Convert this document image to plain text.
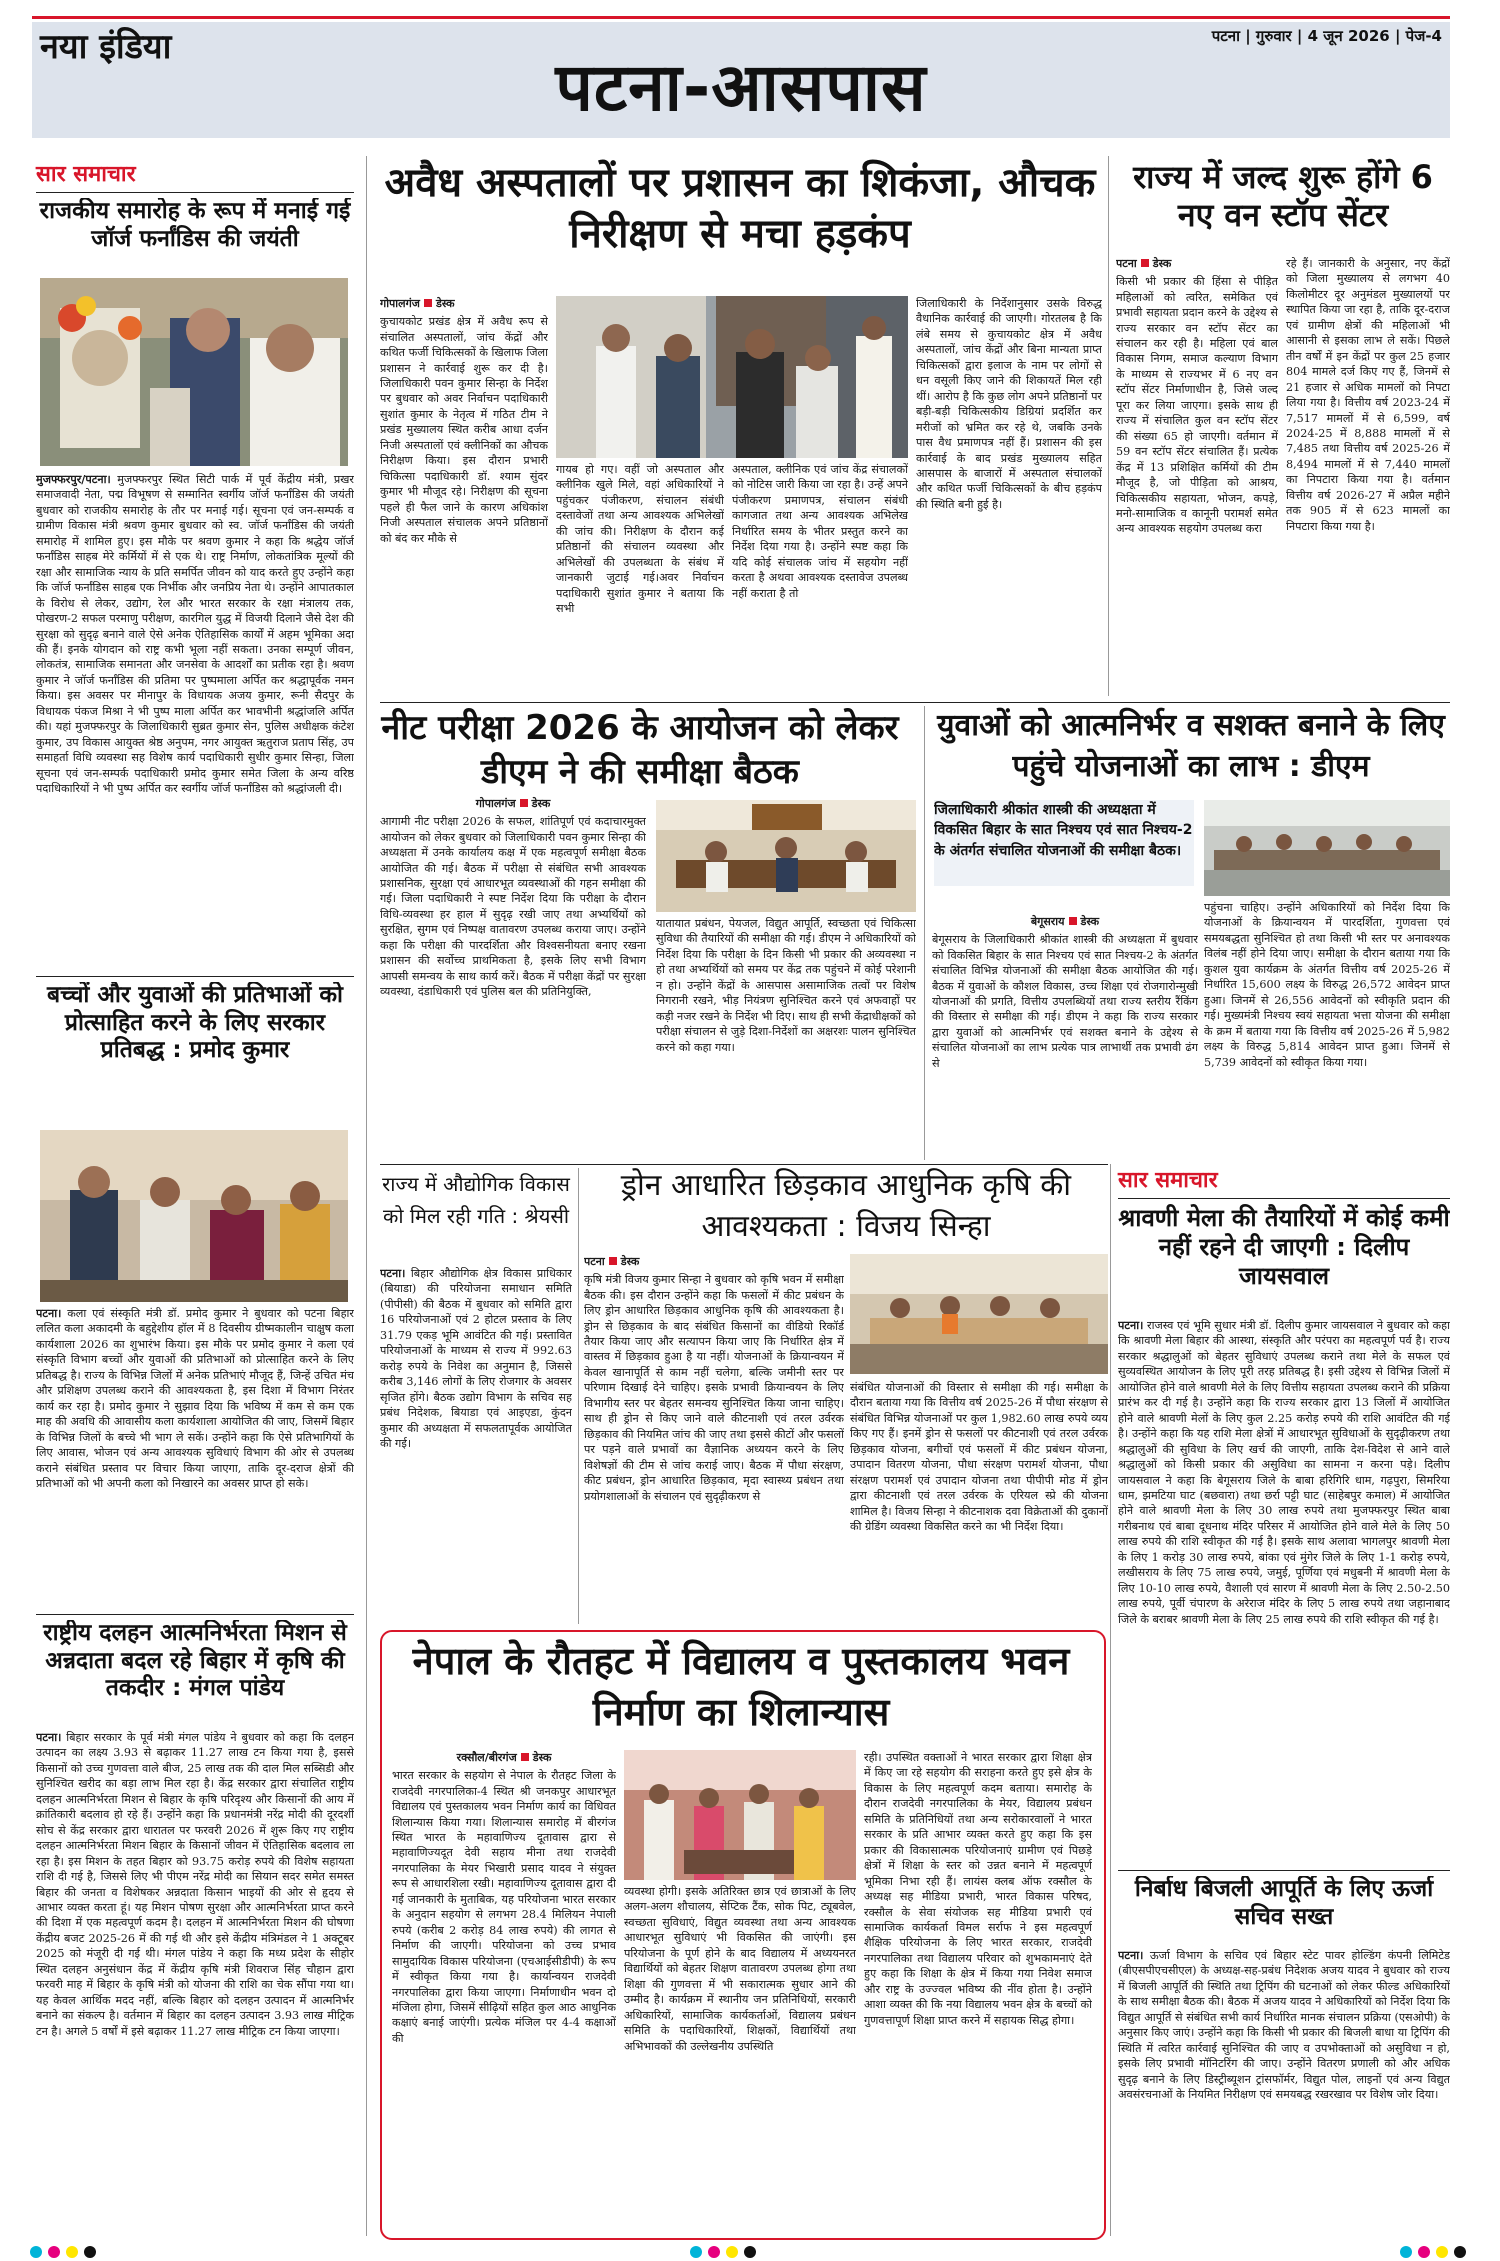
नया इंडिया	पटना | गुरुवार | 4 जून 2026 | पेज-4
पटना-आसपास
सार समाचार
राजकीय समारोह के रूप में मनाई गई जॉर्ज फर्नांडिस की जयंती
मुजफ्फरपुर/पटना। मुजफ्फरपुर स्थित सिटी पार्क में पूर्व केंद्रीय मंत्री, प्रखर समाजवादी नेता, पद्म विभूषण से सम्मानित स्वर्गीय जॉर्ज फर्नांडिस की जयंती बुधवार को राजकीय समारोह के तौर पर मनाई गई। सूचना एवं जन-सम्पर्क व ग्रामीण विकास मंत्री श्रवण कुमार बुधवार को स्व. जॉर्ज फर्नांडिस की जयंती समारोह में शामिल हुए। इस मौके पर श्रवण कुमार ने कहा कि श्रद्धेय जॉर्ज फर्नांडिस साहब मेरे कर्मियों में से एक थे। राष्ट्र निर्माण, लोकतांत्रिक मूल्यों की रक्षा और सामाजिक न्याय के प्रति समर्पित जीवन को याद करते हुए उन्होंने कहा कि जॉर्ज फर्नांडिस साहब एक निर्भीक और जनप्रिय नेता थे। उन्होंने आपातकाल के विरोध से लेकर, उद्योग, रेल और भारत सरकार के रक्षा मंत्रालय तक, पोखरण-2 सफल परमाणु परीक्षण, कारगिल युद्ध में विजयी दिलाने जैसे देश की सुरक्षा को सुदृढ़ बनाने वाले ऐसे अनेक ऐतिहासिक कार्यों में अहम भूमिका अदा की हैं। इनके योगदान को राष्ट्र कभी भूला नहीं सकता। उनका सम्पूर्ण जीवन, लोकतंत्र, सामाजिक समानता और जनसेवा के आदर्शों का प्रतीक रहा है। श्रवण कुमार ने जॉर्ज फर्नांडिस की प्रतिमा पर पुष्पमाला अर्पित कर श्रद्धापूर्वक नमन किया। इस अवसर पर मीनापुर के विधायक अजय कुमार, रूनी सैदपुर के विधायक पंकज मिश्रा ने भी पुष्प माला अर्पित कर भावभीनी श्रद्धांजलि अर्पित की। यहां मुजफ्फरपुर के जिलाधिकारी सुब्रत कुमार सेन, पुलिस अधीक्षक कंटेश कुमार, उप विकास आयुक्त श्रेष्ठ अनुपम, नगर आयुक्त ऋतुराज प्रताप सिंह, उप समाहर्ता विधि व्यवस्था सह विशेष कार्य पदाधिकारी सुधीर कुमार सिन्हा, जिला सूचना एवं जन-सम्पर्क पदाधिकारी प्रमोद कुमार समेत जिला के अन्य वरिष्ठ पदाधिकारियों ने भी पुष्प अर्पित कर स्वर्गीय जॉर्ज फर्नांडिस को श्रद्धांजली दी।
बच्चों और युवाओं की प्रतिभाओं को प्रोत्साहित करने के लिए सरकार प्रतिबद्ध : प्रमोद कुमार
पटना। कला एवं संस्कृति मंत्री डॉ. प्रमोद कुमार ने बुधवार को पटना बिहार ललित कला अकादमी के बहुद्देशीय हॉल में 8 दिवसीय ग्रीष्मकालीन चाक्षुष कला कार्यशाला 2026 का शुभारंभ किया। इस मौके पर प्रमोद कुमार ने कला एवं संस्कृति विभाग बच्चों और युवाओं की प्रतिभाओं को प्रोत्साहित करने के लिए प्रतिबद्ध है। राज्य के विभिन्न जिलों में अनेक प्रतिभाएं मौजूद हैं, जिन्हें उचित मंच और प्रशिक्षण उपलब्ध कराने की आवश्यकता है, इस दिशा में विभाग निरंतर कार्य कर रहा है। प्रमोद कुमार ने सुझाव दिया कि भविष्य में कम से कम एक माह की अवधि की आवासीय कला कार्यशाला आयोजित की जाए, जिसमें बिहार के विभिन्न जिलों के बच्चे भी भाग ले सकें। उन्होंने कहा कि ऐसे प्रतिभागियों के लिए आवास, भोजन एवं अन्य आवश्यक सुविधाएं विभाग की ओर से उपलब्ध कराने संबंधित प्रस्ताव पर विचार किया जाएगा, ताकि दूर-दराज क्षेत्रों की प्रतिभाओं को भी अपनी कला को निखारने का अवसर प्राप्त हो सके।
राष्ट्रीय दलहन आत्मनिर्भरता मिशन से अन्नदाता बदल रहे बिहार में कृषि की तकदीर : मंगल पांडेय
पटना। बिहार सरकार के पूर्व मंत्री मंगल पांडेय ने बुधवार को कहा कि दलहन उत्पादन का लक्ष्य 3.93 से बढ़ाकर 11.27 लाख टन किया गया है, इससे किसानों को उच्च गुणवत्ता वाले बीज, 25 लाख तक की दाल मिल सब्सिडी और सुनिश्चित खरीद का बड़ा लाभ मिल रहा है। केंद्र सरकार द्वारा संचालित राष्ट्रीय दलहन आत्मनिर्भरता मिशन से बिहार के कृषि परिदृश्य और किसानों की आय में क्रांतिकारी बदलाव हो रहे हैं। उन्होंने कहा कि प्रधानमंत्री नरेंद्र मोदी की दूरदर्शी सोच से केंद्र सरकार द्वारा धारातल पर फरवरी 2026 में शुरू किए गए राष्ट्रीय दलहन आत्मनिर्भरता मिशन बिहार के किसानों जीवन में ऐतिहासिक बदलाव ला रहा है। इस मिशन के तहत बिहार को 93.75 करोड़ रुपये की विशेष सहायता राशि दी गई है, जिससे लिए भी पीएम नरेंद्र मोदी का सियान सदर समेत समस्त बिहार की जनता व विशेषकर अन्नदाता किसान भाइयों की ओर से हृदय से आभार व्यक्त करता हूं। यह मिशन पोषण सुरक्षा और आत्मनिर्भरता प्राप्त करने की दिशा में एक महत्वपूर्ण कदम है। दलहन में आत्मनिर्भरता मिशन की घोषणा केंद्रीय बजट 2025-26 में की गई थी और इसे केंद्रीय मंत्रिमंडल ने 1 अक्टूबर 2025 को मंजूरी दी गई थी। मंगल पांडेय ने कहा कि मध्य प्रदेश के सीहोर स्थित दलहन अनुसंधान केंद्र में केंद्रीय कृषि मंत्री शिवराज सिंह चौहान द्वारा फरवरी माह में बिहार के कृषि मंत्री को योजना की राशि का चेक सौंपा गया था। यह केवल आर्थिक मदद नहीं, बल्कि बिहार को दलहन उत्पादन में आत्मनिर्भर बनाने का संकल्प है। वर्तमान में बिहार का दलहन उत्पादन 3.93 लाख मीट्रिक टन है। अगले 5 वर्षों में इसे बढ़ाकर 11.27 लाख मीट्रिक टन किया जाएगा।
अवैध अस्पतालों पर प्रशासन का शिकंजा, औचक निरीक्षण से मचा हड़कंप
गोपालगंज डेस्क
कुचायकोट प्रखंड क्षेत्र में अवैध रूप से संचालित अस्पतालों, जांच केंद्रों और कथित फर्जी चिकित्सकों के खिलाफ जिला प्रशासन ने कार्रवाई शुरू कर दी है। जिलाधिकारी पवन कुमार सिन्हा के निर्देश पर बुधवार को अवर निर्वाचन पदाधिकारी सुशांत कुमार के नेतृत्व में गठित टीम ने प्रखंड मुख्यालय स्थित करीब आधा दर्जन निजी अस्पतालों एवं क्लीनिकों का औचक निरीक्षण किया। इस दौरान प्रभारी चिकित्सा पदाधिकारी डॉ. श्याम सुंदर कुमार भी मौजूद रहे। निरीक्षण की सूचना पहले ही फैल जाने के कारण अधिकांश निजी अस्पताल संचालक अपने प्रतिष्ठानों को बंद कर मौके से
गायब हो गए। वहीं जो अस्पताल और क्लीनिक खुले मिले, वहां अधिकारियों ने पहुंचकर पंजीकरण, संचालन संबंधी दस्तावेजों तथा अन्य आवश्यक अभिलेखों की जांच की। निरीक्षण के दौरान कई प्रतिष्ठानों की संचालन व्यवस्था और अभिलेखों की उपलब्धता के संबंध में जानकारी जुटाई गई।अवर निर्वाचन पदाधिकारी सुशांत कुमार ने बताया कि सभी
अस्पताल, क्लीनिक एवं जांच केंद्र संचालकों को नोटिस जारी किया जा रहा है। उन्हें अपने पंजीकरण प्रमाणपत्र, संचालन संबंधी कागजात तथा अन्य आवश्यक अभिलेख निर्धारित समय के भीतर प्रस्तुत करने का निर्देश दिया गया है। उन्होंने स्पष्ट कहा कि यदि कोई संचालक जांच में सहयोग नहीं करता है अथवा आवश्यक दस्तावेज उपलब्ध नहीं कराता है तो
जिलाधिकारी के निर्देशानुसार उसके विरुद्ध वैधानिक कार्रवाई की जाएगी। गोरतलब है कि लंबे समय से कुचायकोट क्षेत्र में अवैध अस्पतालों, जांच केंद्रों और बिना मान्यता प्राप्त चिकित्सकों द्वारा इलाज के नाम पर लोगों से धन वसूली किए जाने की शिकायतें मिल रही थीं। आरोप है कि कुछ लोग अपने प्रतिष्ठानों पर बड़ी-बड़ी चिकित्सकीय डिग्रियां प्रदर्शित कर मरीजों को भ्रमित कर रहे थे, जबकि उनके पास वैध प्रमाणपत्र नहीं हैं। प्रशासन की इस कार्रवाई के बाद प्रखंड मुख्यालय सहित आसपास के बाजारों में अस्पताल संचालकों और कथित फर्जी चिकित्सकों के बीच हड़कंप की स्थिति बनी हुई है।
राज्य में जल्द शुरू होंगे 6 नए वन स्टॉप सेंटर
पटना डेस्क
किसी भी प्रकार की हिंसा से पीड़ित महिलाओं को त्वरित, समेकित एवं प्रभावी सहायता प्रदान करने के उद्देश्य से राज्य सरकार वन स्टॉप सेंटर का संचालन कर रही है। महिला एवं बाल विकास निगम, समाज कल्याण विभाग के माध्यम से राज्यभर में 6 नए वन स्टॉप सेंटर निर्माणाधीन है, जिसे जल्द पूरा कर लिया जाएगा। इसके साथ ही राज्य में संचालित कुल वन स्टॉप सेंटर की संख्या 65 हो जाएगी। वर्तमान में 59 वन स्टॉप सेंटर संचालित हैं। प्रत्येक केंद्र में 13 प्रशिक्षित कर्मियों की टीम मौजूद है, जो पीड़िता को आश्रय, चिकित्सकीय सहायता, भोजन, कपड़े, मनो-सामाजिक व कानूनी परामर्श समेत अन्य आवश्यक सहयोग उपलब्ध करा
रहे हैं। जानकारी के अनुसार, नए केंद्रों को जिला मुख्यालय से लगभग 40 किलोमीटर दूर अनुमंडल मुख्यालयों पर स्थापित किया जा रहा है, ताकि दूर-दराज एवं ग्रामीण क्षेत्रों की महिलाओं भी आसानी से इसका लाभ ले सकें। पिछले तीन वर्षों में इन केंद्रों पर कुल 25 हजार 804 मामले दर्ज किए गए हैं, जिनमें से 21 हजार से अधिक मामलों को निपटा लिया गया है। वित्तीय वर्ष 2023-24 में 7,517 मामलों में से 6,599, वर्ष 2024-25 में 8,888 मामलों में से 7,485 तथा वित्तीय वर्ष 2025-26 में 8,494 मामलों में से 7,440 मामलों का निपटारा किया गया है। वर्तमान वित्तीय वर्ष 2026-27 में अप्रैल महीने तक 905 में से 623 मामलों का निपटारा किया गया है।
नीट परीक्षा 2026 के आयोजन को लेकर डीएम ने की समीक्षा बैठक
गोपालगंज डेस्क
आगामी नीट परीक्षा 2026 के सफल, शांतिपूर्ण एवं कदाचारमुक्त आयोजन को लेकर बुधवार को जिलाधिकारी पवन कुमार सिन्हा की अध्यक्षता में उनके कार्यालय कक्ष में एक महत्वपूर्ण समीक्षा बैठक आयोजित की गई। बैठक में परीक्षा से संबंधित सभी आवश्यक प्रशासनिक, सुरक्षा एवं आधारभूत व्यवस्थाओं की गहन समीक्षा की गई। जिला पदाधिकारी ने स्पष्ट निर्देश दिया कि परीक्षा के दौरान विधि-व्यवस्था हर हाल में सुदृढ़ रखी जाए तथा अभ्यर्थियों को सुरक्षित, सुगम एवं निष्पक्ष वातावरण उपलब्ध कराया जाए। उन्होंने कहा कि परीक्षा की पारदर्शिता और विश्वसनीयता बनाए रखना प्रशासन की सर्वोच्च प्राथमिकता है, इसके लिए सभी विभाग आपसी समन्वय के साथ कार्य करें। बैठक में परीक्षा केंद्रों पर सुरक्षा व्यवस्था, दंडाधिकारी एवं पुलिस बल की प्रतिनियुक्ति,
यातायात प्रबंधन, पेयजल, विद्युत आपूर्ति, स्वच्छता एवं चिकित्सा सुविधा की तैयारियों की समीक्षा की गई। डीएम ने अधिकारियों को निर्देश दिया कि परीक्षा के दिन किसी भी प्रकार की अव्यवस्था न हो तथा अभ्यर्थियों को समय पर केंद्र तक पहुंचने में कोई परेशानी न हो। उन्होंने केंद्रों के आसपास असामाजिक तत्वों पर विशेष निगरानी रखने, भीड़ नियंत्रण सुनिश्चित करने एवं अफवाहों पर कड़ी नजर रखने के निर्देश भी दिए। साथ ही सभी केंद्राधीक्षकों को परीक्षा संचालन से जुड़े दिशा-निर्देशों का अक्षरशः पालन सुनिश्चित करने को कहा गया।
युवाओं को आत्मनिर्भर व सशक्त बनाने के लिए पहुंचे योजनाओं का लाभ : डीएम
जिलाधिकारी श्रीकांत शास्त्री की अध्यक्षता में विकसित बिहार के सात निश्चय एवं सात निश्चय-2 के अंतर्गत संचालित योजनाओं की समीक्षा बैठक।
बेगूसराय डेस्क
बेगूसराय के जिलाधिकारी श्रीकांत शास्त्री की अध्यक्षता में बुधवार को विकसित बिहार के सात निश्चय एवं सात निश्चय-2 के अंतर्गत संचालित विभिन्न योजनाओं की समीक्षा बैठक आयोजित की गई। बैठक में युवाओं के कौशल विकास, उच्च शिक्षा एवं रोजगारोन्मुखी योजनाओं की प्रगति, वित्तीय उपलब्धियों तथा राज्य स्तरीय रैंकिंग की विस्तार से समीक्षा की गई। डीएम ने कहा कि राज्य सरकार द्वारा युवाओं को आत्मनिर्भर एवं सशक्त बनाने के उद्देश्य से संचालित योजनाओं का लाभ प्रत्येक पात्र लाभार्थी तक प्रभावी ढंग से
पहुंचना चाहिए। उन्होंने अधिकारियों को निर्देश दिया कि योजनाओं के क्रियान्वयन में पारदर्शिता, गुणवत्ता एवं समयबद्धता सुनिश्चित हो तथा किसी भी स्तर पर अनावश्यक विलंब नहीं होने दिया जाए। समीक्षा के दौरान बताया गया कि कुशल युवा कार्यक्रम के अंतर्गत वित्तीय वर्ष 2025-26 में निर्धारित 15,600 लक्ष्य के विरुद्ध 26,572 आवेदन प्राप्त हुआ। जिनमें से 26,556 आवेदनों को स्वीकृति प्रदान की गई। मुख्यमंत्री निश्चय स्वयं सहायता भत्ता योजना की समीक्षा के क्रम में बताया गया कि वित्तीय वर्ष 2025-26 में 5,982 लक्ष्य के विरुद्ध 5,814 आवेदन प्राप्त हुआ। जिनमें से 5,739 आवेदनों को स्वीकृत किया गया।
राज्य में औद्योगिक विकास को मिल रही गति : श्रेयसी
पटना। बिहार औद्योगिक क्षेत्र विकास प्राधिकार (बियाडा) की परियोजना समाधान समिति (पीपीसी) की बैठक में बुधवार को समिति द्वारा 16 परियोजनाओं एवं 2 होटल प्रस्ताव के लिए 31.79 एकड़ भूमि आवंटित की गई। प्रस्तावित परियोजनाओं के माध्यम से राज्य में 992.63 करोड़ रुपये के निवेश का अनुमान है, जिससे करीब 3,146 लोगों के लिए रोजगार के अवसर सृजित होंगे। बैठक उद्योग विभाग के सचिव सह प्रबंध निदेशक, बियाडा एवं आइएडा, कुंदन कुमार की अध्यक्षता में सफलतापूर्वक आयोजित की गई।
ड्रोन आधारित छिड़काव आधुनिक कृषि की आवश्यकता : विजय सिन्हा
पटना डेस्क
कृषि मंत्री विजय कुमार सिन्हा ने बुधवार को कृषि भवन में समीक्षा बैठक की। इस दौरान उन्होंने कहा कि फसलों में कीट प्रबंधन के लिए ड्रोन आधारित छिड़काव आधुनिक कृषि की आवश्यकता है। ड्रोन से छिड़काव के बाद संबंधित किसानों का वीडियो रिकॉर्ड तैयार किया जाए और सत्यापन किया जाए कि निर्धारित क्षेत्र में वास्तव में छिड़काव हुआ है या नहीं। योजनाओं के क्रियान्वयन में केवल खानापूर्ति से काम नहीं चलेगा, बल्कि जमीनी स्तर पर परिणाम दिखाई देने चाहिए। इसके प्रभावी क्रियान्वयन के लिए विभागीय स्तर पर बेहतर समन्वय सुनिश्चित किया जाना चाहिए। साथ ही ड्रोन से किए जाने वाले कीटनाशी एवं तरल उर्वरक छिड़काव की नियमित जांच की जाए तथा इससे कीटों और फसलों पर पड़ने वाले प्रभावों का वैज्ञानिक अध्ययन करने के लिए विशेषज्ञों की टीम से जांच कराई जाए। बैठक में पौधा संरक्षण, कीट प्रबंधन, ड्रोन आधारित छिड़काव, मृदा स्वास्थ्य प्रबंधन तथा प्रयोगशालाओं के संचालन एवं सुदृढ़ीकरण से
संबंधित योजनाओं की विस्तार से समीक्षा की गई। समीक्षा के दौरान बताया गया कि वित्तीय वर्ष 2025-26 में पौधा संरक्षण से संबंधित विभिन्न योजनाओं पर कुल 1,982.60 लाख रुपये व्यय किए गए हैं। इनमें ड्रोन से फसलों पर कीटनाशी एवं तरल उर्वरक छिड़काव योजना, बगीचों एवं फसलों में कीट प्रबंधन योजना, उपादान वितरण योजना, पौधा संरक्षण परामर्श योजना, पौधा संरक्षण परामर्श एवं उपादान योजना तथा पीपीपी मोड में ड्रोन द्वारा कीटनाशी एवं तरल उर्वरक के एरियल स्प्रे की योजना शामिल है। विजय सिन्हा ने कीटनाशक दवा विक्रेताओं की दुकानों की ग्रेडिंग व्यवस्था विकसित करने का भी निर्देश दिया।
नेपाल के रौतहट में विद्यालय व पुस्तकालय भवन निर्माण का शिलान्यास
रक्सौल/बीरगंज डेस्क
भारत सरकार के सहयोग से नेपाल के रौतहट जिला के राजदेवी नगरपालिका-4 स्थित श्री जनकपुर आधारभूत विद्यालय एवं पुस्तकालय भवन निर्माण कार्य का विधिवत शिलान्यास किया गया। शिलान्यास समारोह में बीरगंज स्थित भारत के महावाणिज्य दूतावास द्वारा से महावाणिज्यदूत देवी सहाय मीना तथा राजदेवी नगरपालिका के मेयर भिखारी प्रसाद यादव ने संयुक्त रूप से आधारशिला रखी। महावाणिज्य दूतावास द्वारा दी गई जानकारी के मुताबिक, यह परियोजना भारत सरकार के अनुदान सहयोग से लगभग 28.4 मिलियन नेपाली रुपये (करीब 2 करोड़ 84 लाख रुपये) की लागत से निर्माण की जाएगी। परियोजना को उच्च प्रभाव सामुदायिक विकास परियोजना (एचआईसीडीपी) के रूप में स्वीकृत किया गया है। कार्यान्वयन राजदेवी नगरपालिका द्वारा किया जाएगा। निर्माणाधीन भवन दो मंजिला होगा, जिसमें सीढ़ियों सहित कुल आठ आधुनिक कक्षाएं बनाई जाएंगी। प्रत्येक मंजिल पर 4-4 कक्षाओं की
व्यवस्था होगी। इसके अतिरिक्त छात्र एवं छात्राओं के लिए अलग-अलग शौचालय, सेप्टिक टैंक, सोक पिट, ट्यूबवेल, स्वच्छता सुविधाएं, विद्युत व्यवस्था तथा अन्य आवश्यक आधारभूत सुविधाएं भी विकसित की जाएंगी। इस परियोजना के पूर्ण होने के बाद विद्यालय में अध्ययनरत विद्यार्थियों को बेहतर शिक्षण वातावरण उपलब्ध होगा तथा शिक्षा की गुणवत्ता में भी सकारात्मक सुधार आने की उम्मीद है। कार्यक्रम में स्थानीय जन प्रतिनिधियों, सरकारी अधिकारियों, सामाजिक कार्यकर्ताओं, विद्यालय प्रबंधन समिति के पदाधिकारियों, शिक्षकों, विद्यार्थियों तथा अभिभावकों की उल्लेखनीय उपस्थिति
रही। उपस्थित वक्ताओं ने भारत सरकार द्वारा शिक्षा क्षेत्र में किए जा रहे सहयोग की सराहना करते हुए इसे क्षेत्र के विकास के लिए महत्वपूर्ण कदम बताया। समारोह के दौरान राजदेवी नगरपालिका के मेयर, विद्यालय प्रबंधन समिति के प्रतिनिधियों तथा अन्य सरोकारवालों ने भारत सरकार के प्रति आभार व्यक्त करते हुए कहा कि इस प्रकार की विकासात्मक परियोजनाएं ग्रामीण एवं पिछड़े क्षेत्रों में शिक्षा के स्तर को उन्नत बनाने में महत्वपूर्ण भूमिका निभा रही हैं। लायंस क्लब ऑफ रक्सौल के अध्यक्ष सह मीडिया प्रभारी, भारत विकास परिषद, रक्सौल के सेवा संयोजक सह मीडिया प्रभारी एवं सामाजिक कार्यकर्ता विमल सर्राफ ने इस महत्वपूर्ण शैक्षिक परियोजना के लिए भारत सरकार, राजदेवी नगरपालिका तथा विद्यालय परिवार को शुभकामनाएं देते हुए कहा कि शिक्षा के क्षेत्र में किया गया निवेश समाज और राष्ट्र के उज्ज्वल भविष्य की नींव होता है। उन्होंने आशा व्यक्त की कि नया विद्यालय भवन क्षेत्र के बच्चों को गुणवत्तापूर्ण शिक्षा प्राप्त करने में सहायक सिद्ध होगा।
सार समाचार
श्रावणी मेला की तैयारियों में कोई कमी नहीं रहने दी जाएगी : दिलीप जायसवाल
पटना। राजस्व एवं भूमि सुधार मंत्री डॉ. दिलीप कुमार जायसवाल ने बुधवार को कहा कि श्रावणी मेला बिहार की आस्था, संस्कृति और परंपरा का महत्वपूर्ण पर्व है। राज्य सरकार श्रद्धालुओं को बेहतर सुविधाएं उपलब्ध कराने तथा मेले के सफल एवं सुव्यवस्थित आयोजन के लिए पूरी तरह प्रतिबद्ध है। इसी उद्देश्य से विभिन्न जिलों में आयोजित होने वाले श्रावणी मेले के लिए वित्तीय सहायता उपलब्ध कराने की प्रक्रिया प्रारंभ कर दी गई है। उन्होंने कहा कि राज्य सरकार द्वारा 13 जिलों में आयोजित होने वाले श्रावणी मेलों के लिए कुल 2.25 करोड़ रुपये की राशि आवंटित की गई है। उन्होंने कहा कि यह राशि मेला क्षेत्रों में आधारभूत सुविधाओं के सुदृढ़ीकरण तथा श्रद्धालुओं की सुविधा के लिए खर्च की जाएगी, ताकि देश-विदेश से आने वाले श्रद्धालुओं को किसी प्रकार की असुविधा का सामना न करना पड़े। दिलीप जायसवाल ने कहा कि बेगूसराय जिले के बाबा हरिगिरि धाम, गढ़पुरा, सिमरिया धाम, झमटिया घाट (बछवारा) तथा छर्रा पट्टी घाट (साहेबपुर कमाल) में आयोजित होने वाले श्रावणी मेला के लिए 30 लाख रुपये तथा मुजफ्फरपुर स्थित बाबा गरीबनाथ एवं बाबा दूधनाथ मंदिर परिसर में आयोजित होने वाले मेले के लिए 50 लाख रुपये की राशि स्वीकृत की गई है। इसके साथ अलावा भागलपुर श्रावणी मेला के लिए 1 करोड़ 30 लाख रुपये, बांका एवं मुंगेर जिले के लिए 1-1 करोड़ रुपये, लखीसराय के लिए 75 लाख रुपये, जमुई, पूर्णिया एवं मधुबनी में श्रावणी मेला के लिए 10-10 लाख रुपये, वैशाली एवं सारण में श्रावणी मेला के लिए 2.50-2.50 लाख रुपये, पूर्वी चंपारण के अरेराज मंदिर के लिए 5 लाख रुपये तथा जहानाबाद जिले के बराबर श्रावणी मेला के लिए 25 लाख रुपये की राशि स्वीकृत की गई है।
निर्बाध बिजली आपूर्ति के लिए ऊर्जा सचिव सख्त
पटना। ऊर्जा विभाग के सचिव एवं बिहार स्टेट पावर होल्डिंग कंपनी लिमिटेड (बीएसपीएचसीएल) के अध्यक्ष-सह-प्रबंध निदेशक अजय यादव ने बुधवार को राज्य में बिजली आपूर्ति की स्थिति तथा ट्रिपिंग की घटनाओं को लेकर फील्ड अधिकारियों के साथ समीक्षा बैठक की। बैठक में अजय यादव ने अधिकारियों को निर्देश दिया कि विद्युत आपूर्ति से संबंधित सभी कार्य निर्धारित मानक संचालन प्रक्रिया (एसओपी) के अनुसार किए जाएं। उन्होंने कहा कि किसी भी प्रकार की बिजली बाधा या ट्रिपिंग की स्थिति में त्वरित कार्रवाई सुनिश्चित की जाए व उपभोक्ताओं को असुविधा न हो, इसके लिए प्रभावी मॉनिटरिंग की जाए। उन्होंने वितरण प्रणाली को और अधिक सुदृढ़ बनाने के लिए डिस्ट्रीब्यूशन ट्रांसफॉर्मर, विद्युत पोल, लाइनों एवं अन्य विद्युत अवसंरचनाओं के नियमित निरीक्षण एवं समयबद्ध रखरखाव पर विशेष जोर दिया।
